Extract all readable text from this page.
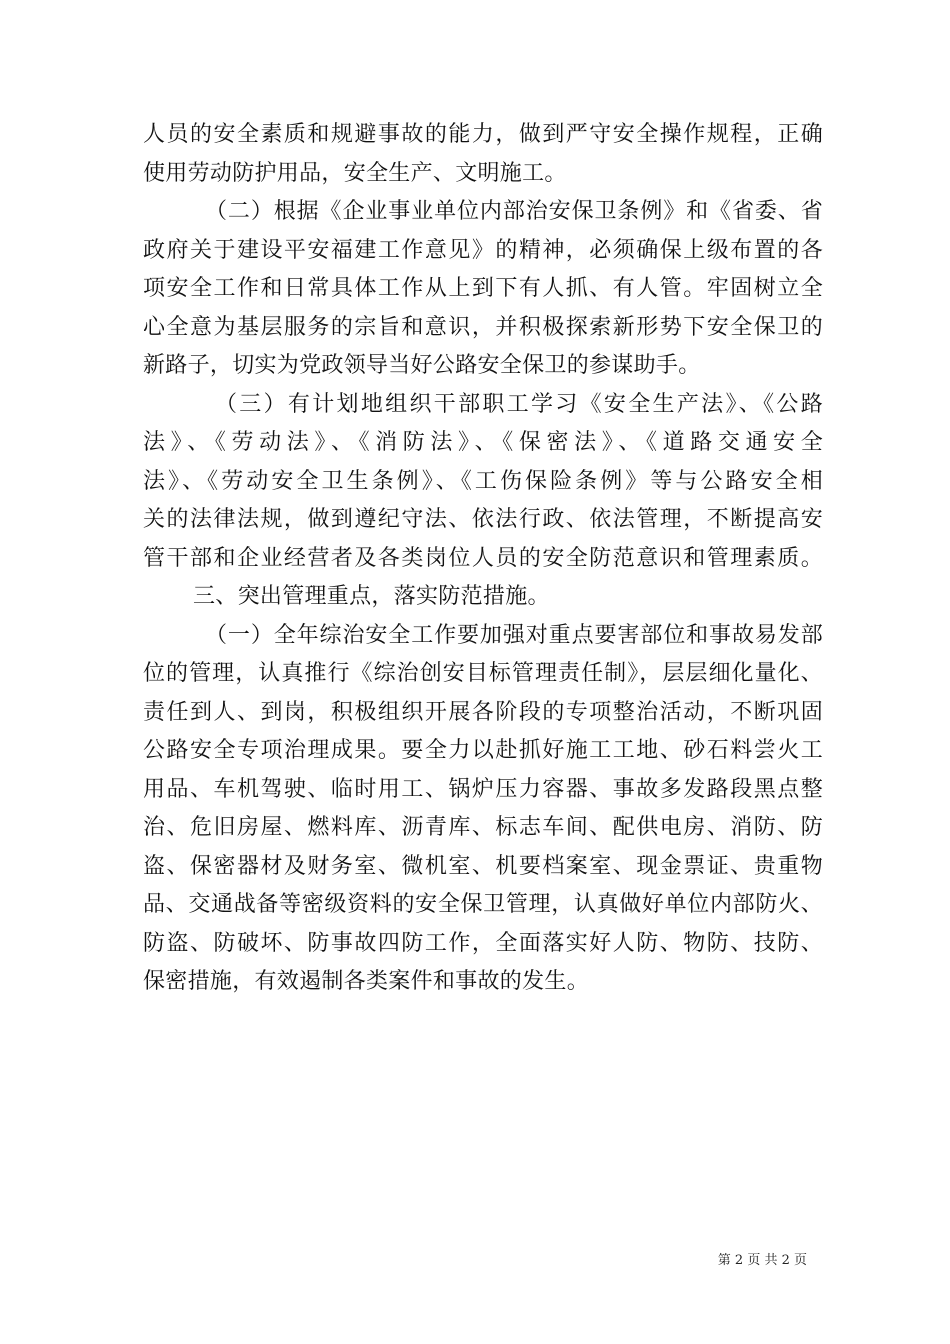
人员的安全素质和规避事故的能力，做到严守安全操作规程，正确
使用劳动防护用品，安全生产、文明施工。
（二）根据《企业事业单位内部治安保卫条例》和《省委、省
政府关于建设平安福建工作意见》的精神，必须确保上级布置的各
项安全工作和日常具体工作从上到下有人抓、有人管。牢固树立全
心全意为基层服务的宗旨和意识，并积极探索新形势下安全保卫的
新路子，切实为党政领导当好公路安全保卫的参谋助手。
（三）有计划地组织干部职工学习《安全生产法》、《公路
法》、《劳动法》、《消防法》、《保密法》、《道路交通安全
法》、《劳动安全卫生条例》、《工伤保险条例》等与公路安全相
关的法律法规，做到遵纪守法、依法行政、依法管理，不断提高安
管干部和企业经营者及各类岗位人员的安全防范意识和管理素质。
三、突出管理重点，落实防范措施。
（一）全年综治安全工作要加强对重点要害部位和事故易发部
位的管理，认真推行《综治创安目标管理责任制》，层层细化量化、
责任到人、到岗，积极组织开展各阶段的专项整治活动，不断巩固
公路安全专项治理成果。要全力以赴抓好施工工地、砂石料尝火工
用品、车机驾驶、临时用工、锅炉压力容器、事故多发路段黑点整
治、危旧房屋、燃料库、沥青库、标志车间、配供电房、消防、防
盗、保密器材及财务室、微机室、机要档案室、现金票证、贵重物
品、交通战备等密级资料的安全保卫管理，认真做好单位内部防火、
防盗、防破坏、防事故四防工作，全面落实好人防、物防、技防、
保密措施，有效遏制各类案件和事故的发生。
第 2 页 共 2 页
